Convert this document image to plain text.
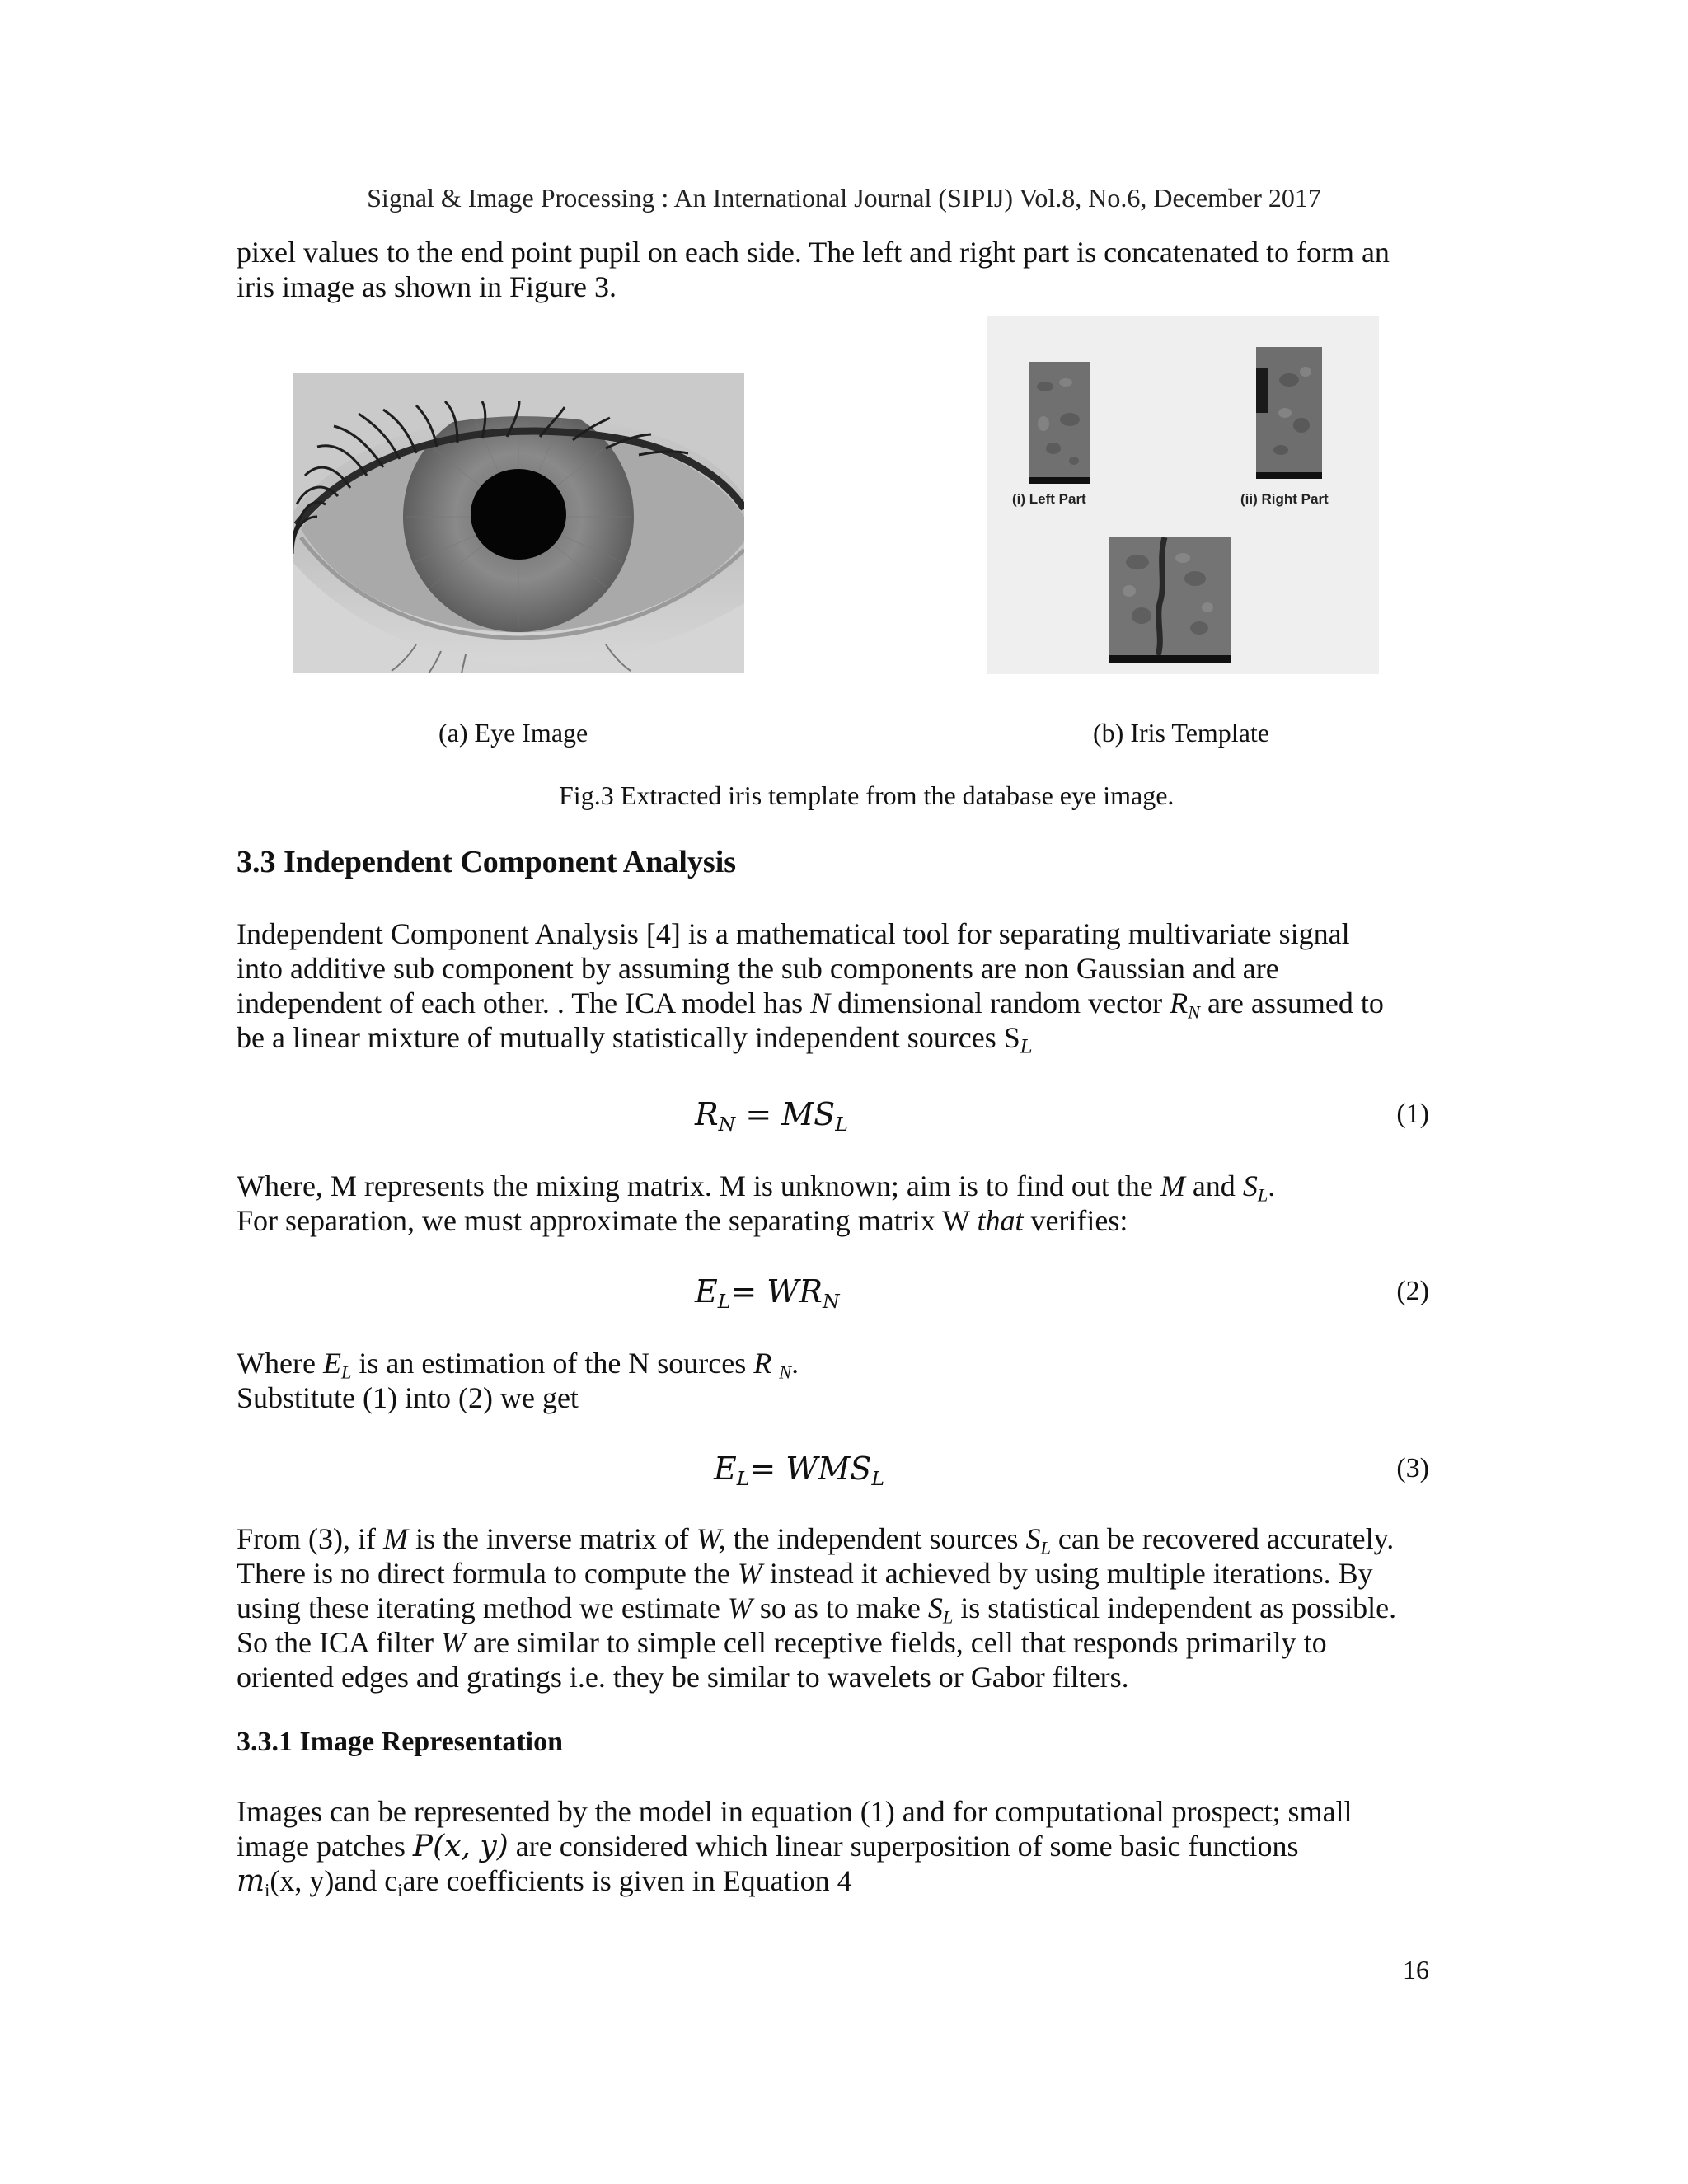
Signal & Image Processing : An International Journal (SIPIJ) Vol.8, No.6, December 2017
pixel values to the end point pupil on each side. The left and right part is concatenated to form an
iris image as shown in Figure 3.
(i) Left Part	(ii) Right Part
(a) Eye Image	(b) Iris Template
Fig.3 Extracted iris template from the database eye image.
3.3 Independent Component Analysis
Independent Component Analysis [4] is a mathematical tool for separating multivariate signal
into additive sub component by assuming the sub components are non Gaussian and are
independent of each other. . The ICA model has N dimensional random vector $R_N$ are assumed to
be a linear mixture of mutually statistically independent sources $S_L$
$R_N = MS_L$	(1)
Where, M represents the mixing matrix. M is unknown; aim is to find out the M and $S_L$.
For separation, we must approximate the separating matrix W that verifies:
$E_L= WR_N$	(2)
Where $E_L$ is an estimation of the N sources R $_N$.
Substitute (1) into (2) we get
$E_L= WMS_L$	(3)
From (3), if M is the inverse matrix of W, the independent sources $S_L$ can be recovered accurately.
There is no direct formula to compute the W instead it achieved by using multiple iterations. By
using these iterating method we estimate W so as to make $S_L$ is statistical independent as possible.
So the ICA filter W are similar to simple cell receptive fields, cell that responds primarily to
oriented edges and gratings i.e. they be similar to wavelets or Gabor filters.
3.3.1 Image Representation
Images can be represented by the model in equation (1) and for computational prospect; small
image patches P(x, y) are considered which linear superposition of some basic functions
$m_i(x$, y)and $c_iare$ coefficients is given in Equation 4
16
